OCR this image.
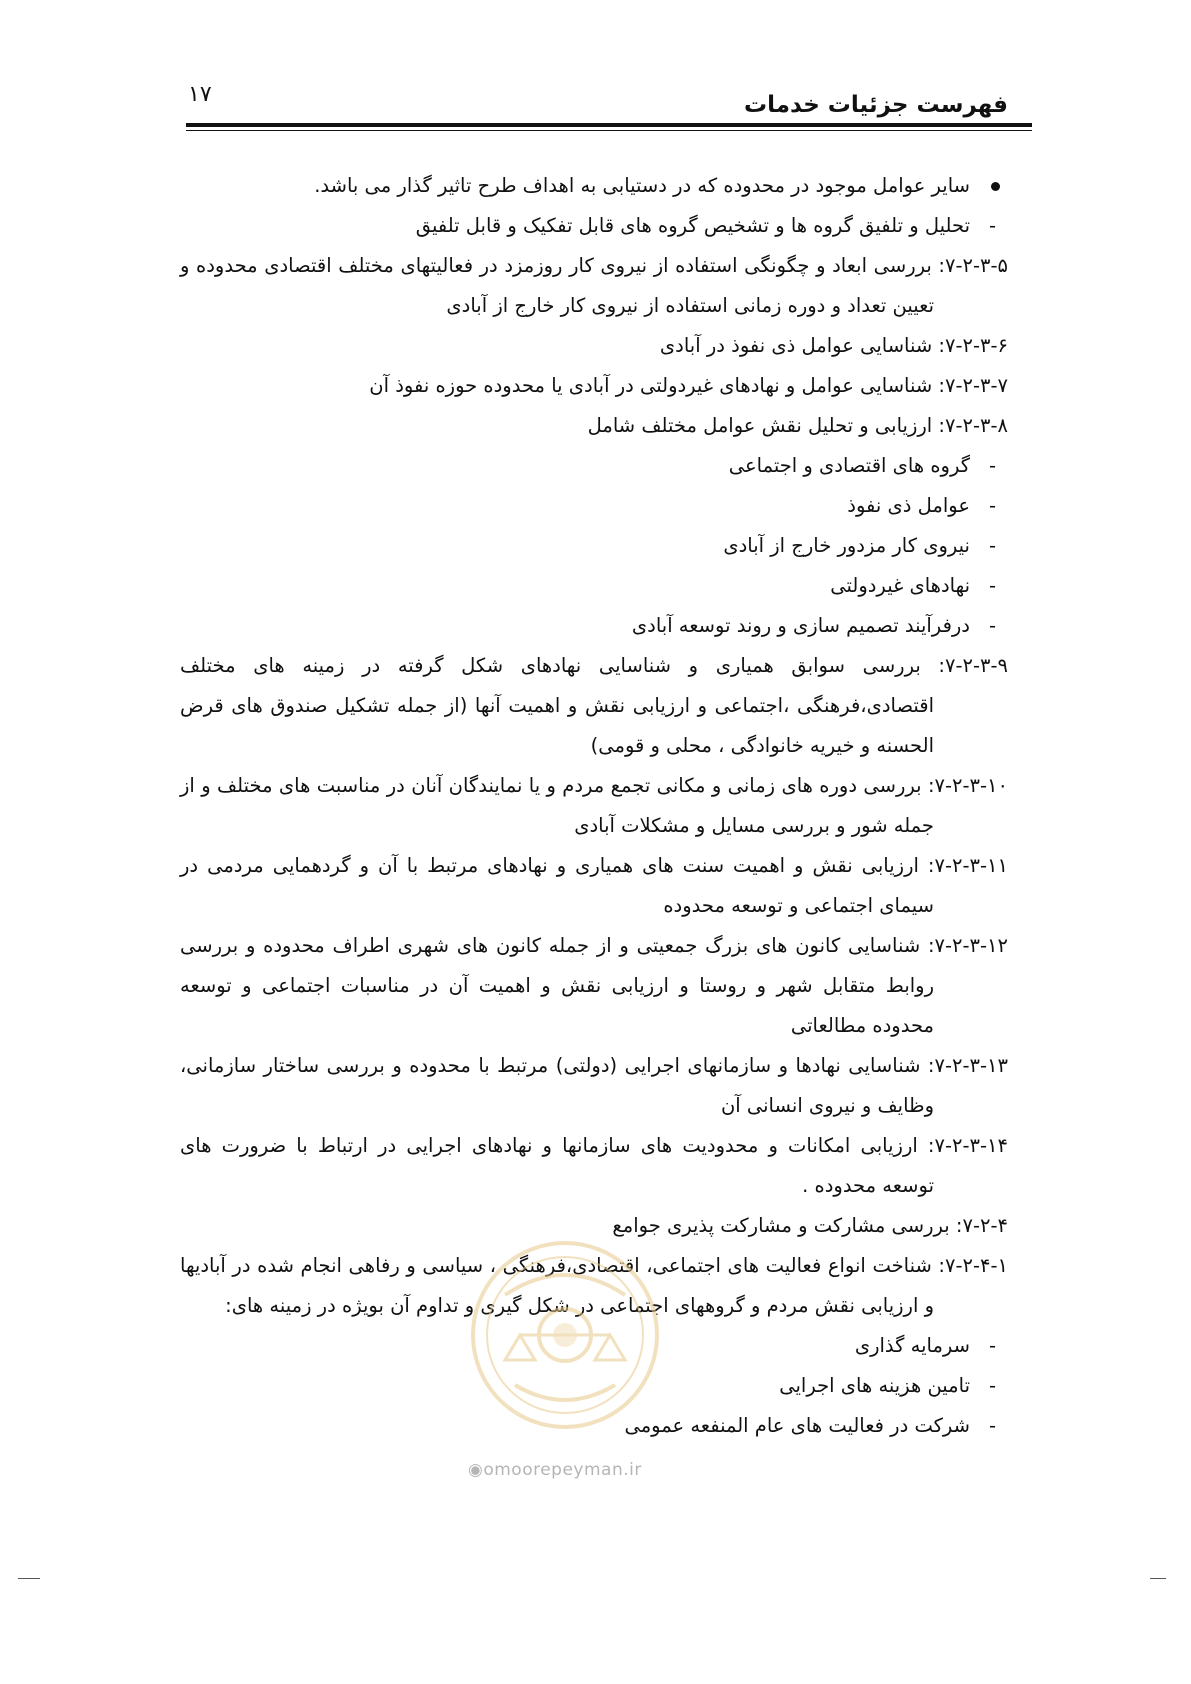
۱۷	فهرست جزئیات خدمات

سایر عوامل موجود در محدوده که در دستیابی به اهداف طرح تاثیر گذار می باشد.

- تحلیل و تلفیق گروه ها و تشخیص گروه های قابل تفکیک و قابل تلفیق

۷-۲-۳-۵: بررسی ابعاد و چگونگی استفاده از نیروی کار روزمزد در فعالیتهای مختلف اقتصادی محدوده و تعیین تعداد و دوره زمانی استفاده از نیروی کار خارج از آبادی

۷-۲-۳-۶: شناسایی عوامل ذی نفوذ در آبادی

۷-۲-۳-۷: شناسایی عوامل و نهادهای غیردولتی در آبادی یا محدوده حوزه نفوذ آن

۷-۲-۳-۸: ارزیابی و تحلیل نقش عوامل مختلف شامل

- گروه های اقتصادی و اجتماعی

- عوامل ذی نفوذ

- نیروی کار مزدور خارج از آبادی

- نهادهای غیردولتی

- درفرآیند تصمیم سازی و روند توسعه آبادی

۷-۲-۳-۹: بررسی سوابق همیاری و شناسایی نهادهای شکل گرفته در زمینه های مختلف اقتصادی،فرهنگی ،اجتماعی و ارزیابی نقش و اهمیت آنها (از جمله تشکیل صندوق های قرض الحسنه و خیریه خانوادگی ، محلی و قومی)

۷-۲-۳-۱۰: بررسی دوره های زمانی و مکانی تجمع مردم و یا نمایندگان آنان در مناسبت های مختلف و از جمله شور و بررسی مسایل و مشکلات آبادی

۷-۲-۳-۱۱: ارزیابی نقش و اهمیت سنت های همیاری و نهادهای مرتبط با آن و گردهمایی مردمی در سیمای اجتماعی و توسعه محدوده

۷-۲-۳-۱۲: شناسایی کانون های بزرگ جمعیتی و از جمله کانون های شهری اطراف محدوده و بررسی روابط متقابل شهر و روستا و ارزیابی نقش و اهمیت آن در مناسبات اجتماعی و توسعه محدوده مطالعاتی

۷-۲-۳-۱۳: شناسایی نهادها و سازمانهای اجرایی (دولتی) مرتبط با محدوده و بررسی ساختار سازمانی، وظایف و نیروی انسانی آن

۷-۲-۳-۱۴: ارزیابی امکانات و محدودیت های سازمانها و نهادهای اجرایی در ارتباط با ضرورت های توسعه محدوده .

۷-۲-۴: بررسی مشارکت و مشارکت پذیری جوامع

۷-۲-۴-۱: شناخت انواع فعالیت های اجتماعی، اقتصادی،فرهنگی ، سیاسی و رفاهی انجام شده در آبادیها و ارزیابی نقش مردم و گروههای اجتماعی در شکل گیری و تداوم آن بویژه در زمینه های:

- سرمایه گذاری

- تامین هزینه های اجرایی

- شرکت در فعالیت های عام المنفعه عمومی

◉omoorepeyman.ir
